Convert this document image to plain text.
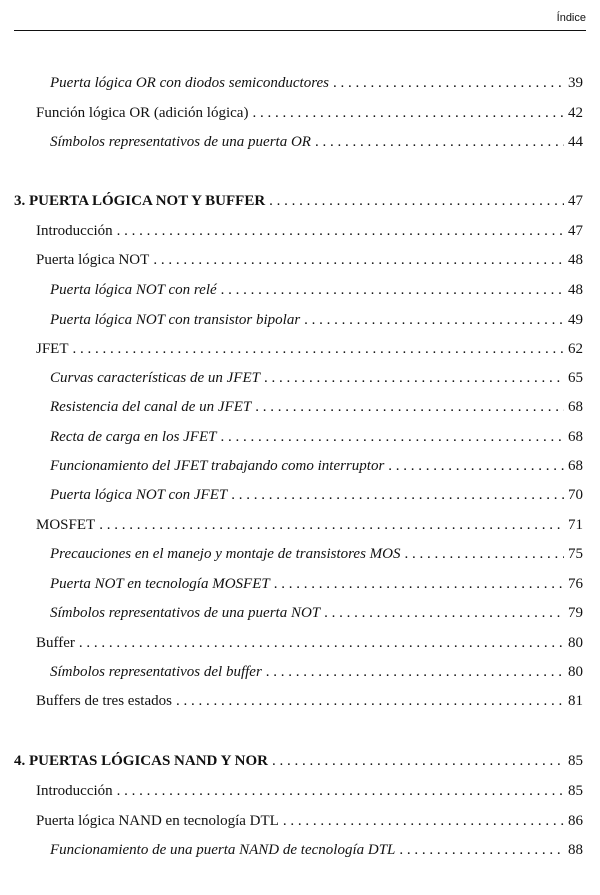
Índice
Puerta lógica OR con diodos semiconductores . . .	39
Función lógica OR (adición lógica) . . .	42
Símbolos representativos de una puerta OR . . .	44
3. PUERTA LÓGICA NOT Y BUFFER . . .	47
Introducción . . .	47
Puerta lógica NOT . . .	48
Puerta lógica NOT con relé . . .	48
Puerta lógica NOT con transistor bipolar . . .	49
JFET . . .	62
Curvas características de un JFET . . .	65
Resistencia del canal de un JFET . . .	68
Recta de carga en los JFET . . .	68
Funcionamiento del JFET trabajando como interruptor . . .	68
Puerta lógica NOT con JFET . . .	70
MOSFET . . .	71
Precauciones en el manejo y montaje de transistores MOS . . .	75
Puerta NOT en tecnología MOSFET . . .	76
Símbolos representativos de una puerta NOT . . .	79
Buffer . . .	80
Símbolos representativos del buffer . . .	80
Buffers de tres estados . . .	81
4. PUERTAS LÓGICAS NAND Y NOR . . .	85
Introducción . . .	85
Puerta lógica NAND en tecnología DTL . . .	86
Funcionamiento de una puerta NAND de tecnología DTL . . .	88
